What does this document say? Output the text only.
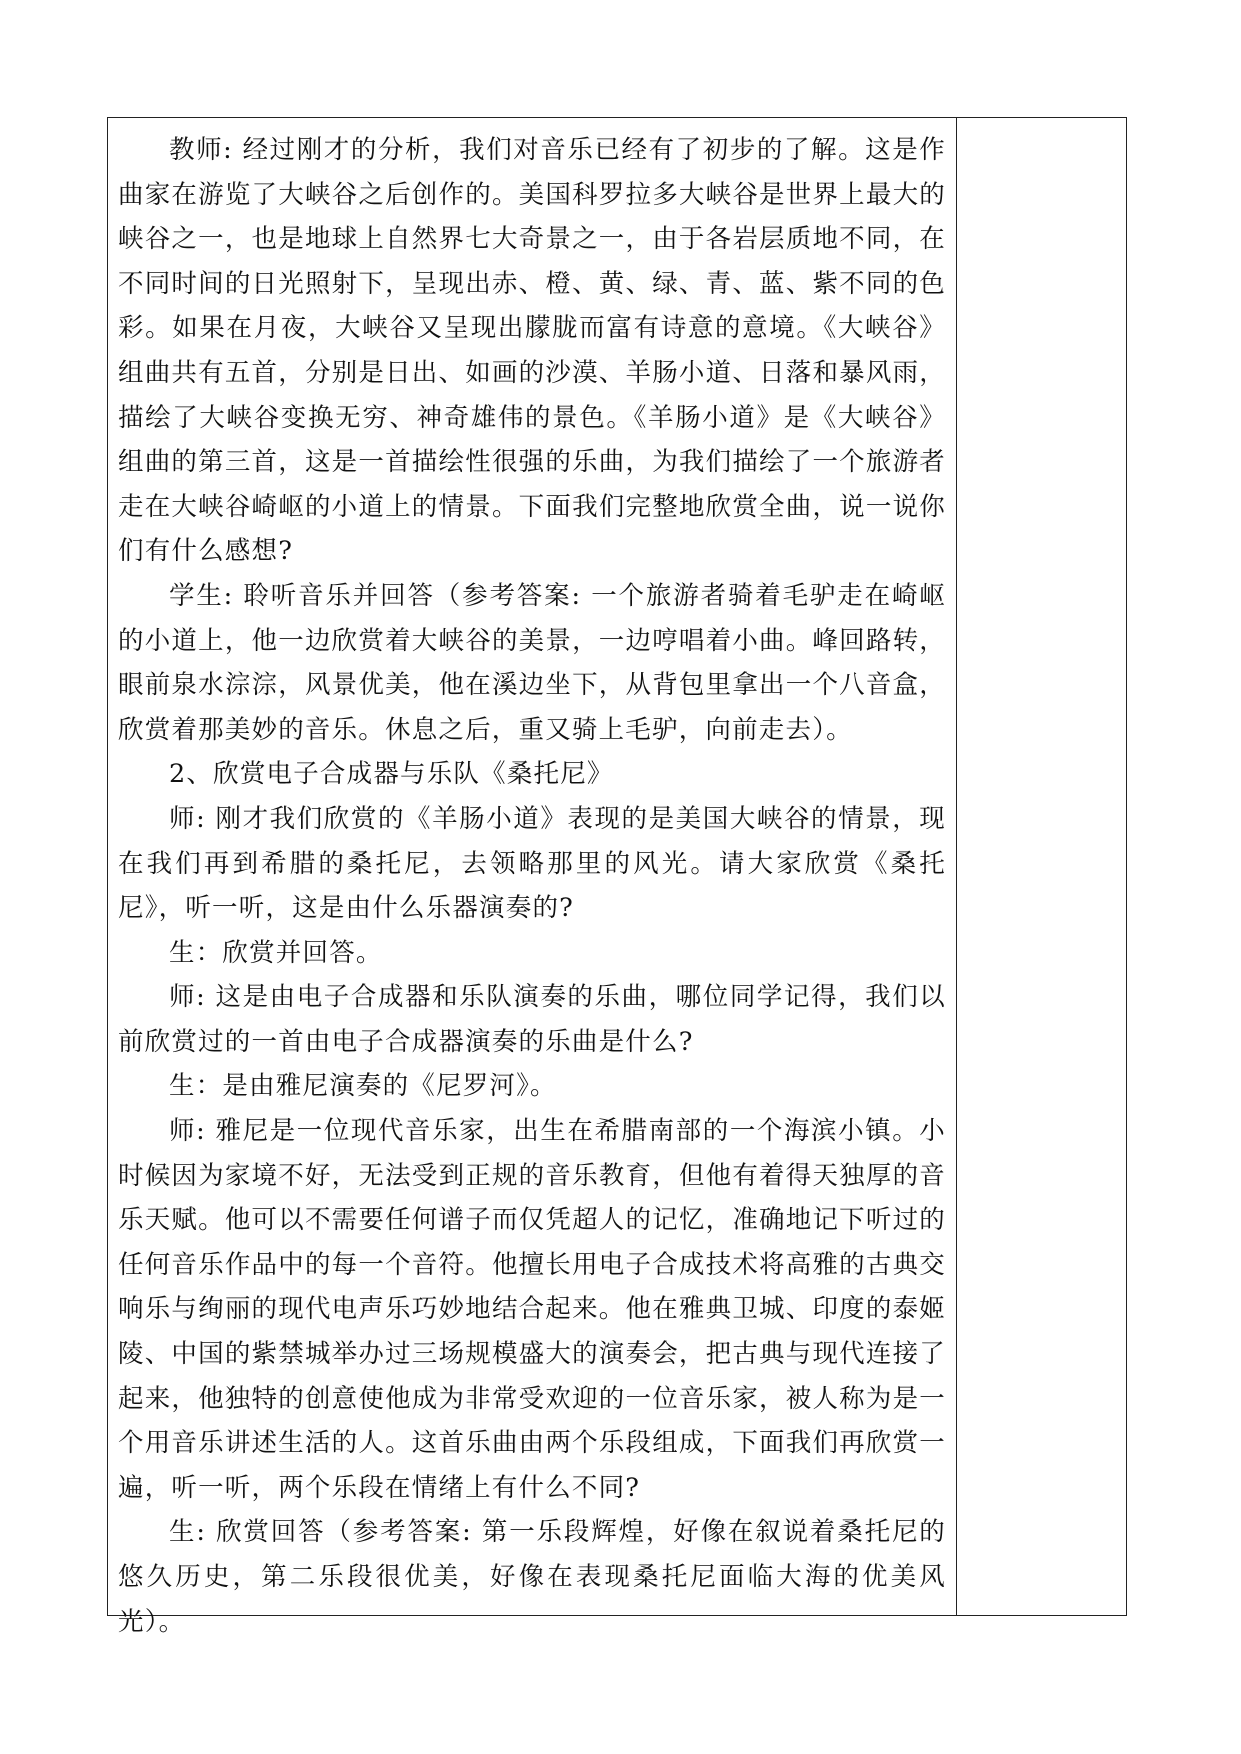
教师: 经过刚才的分析，我们对音乐已经有了初步的了解。这是作曲家在游览了大峡谷之后创作的。美国科罗拉多大峡谷是世界上最大的峡谷之一，也是地球上自然界七大奇景之一，由于各岩层质地不同，在不同时间的日光照射下，呈现出赤、橙、黄、绿、青、蓝、紫不同的色彩。如果在月夜，大峡谷又呈现出朦胧而富有诗意的意境。《大峡谷》组曲共有五首，分别是日出、如画的沙漠、羊肠小道、日落和暴风雨，描绘了大峡谷变换无穷、神奇雄伟的景色。《羊肠小道》是《大峡谷》组曲的第三首，这是一首描绘性很强的乐曲，为我们描绘了一个旅游者走在大峡谷崎岖的小道上的情景。下面我们完整地欣赏全曲，说一说你们有什么感想?

学生: 聆听音乐并回答（参考答案: 一个旅游者骑着毛驴走在崎岖的小道上，他一边欣赏着大峡谷的美景，一边哼唱着小曲。峰回路转，眼前泉水淙淙，风景优美，他在溪边坐下，从背包里拿出一个八音盒，欣赏着那美妙的音乐。休息之后，重又骑上毛驴，向前走去）。

2、欣赏电子合成器与乐队《桑托尼》

师: 刚才我们欣赏的《羊肠小道》表现的是美国大峡谷的情景，现在我们再到希腊的桑托尼，去领略那里的风光。请大家欣赏《桑托尼》，听一听，这是由什么乐器演奏的?

生：欣赏并回答。

师: 这是由电子合成器和乐队演奏的乐曲，哪位同学记得，我们以前欣赏过的一首由电子合成器演奏的乐曲是什么?

生：是由雅尼演奏的《尼罗河》。

师: 雅尼是一位现代音乐家，出生在希腊南部的一个海滨小镇。小时候因为家境不好，无法受到正规的音乐教育，但他有着得天独厚的音乐天赋。他可以不需要任何谱子而仅凭超人的记忆，准确地记下听过的任何音乐作品中的每一个音符。他擅长用电子合成技术将高雅的古典交响乐与绚丽的现代电声乐巧妙地结合起来。他在雅典卫城、印度的泰姬陵、中国的紫禁城举办过三场规模盛大的演奏会，把古典与现代连接了起来，他独特的创意使他成为非常受欢迎的一位音乐家，被人称为是一个用音乐讲述生活的人。这首乐曲由两个乐段组成，下面我们再欣赏一遍，听一听，两个乐段在情绪上有什么不同?

生: 欣赏回答（参考答案: 第一乐段辉煌，好像在叙说着桑托尼的悠久历史，第二乐段很优美，好像在表现桑托尼面临大海的优美风光）。
